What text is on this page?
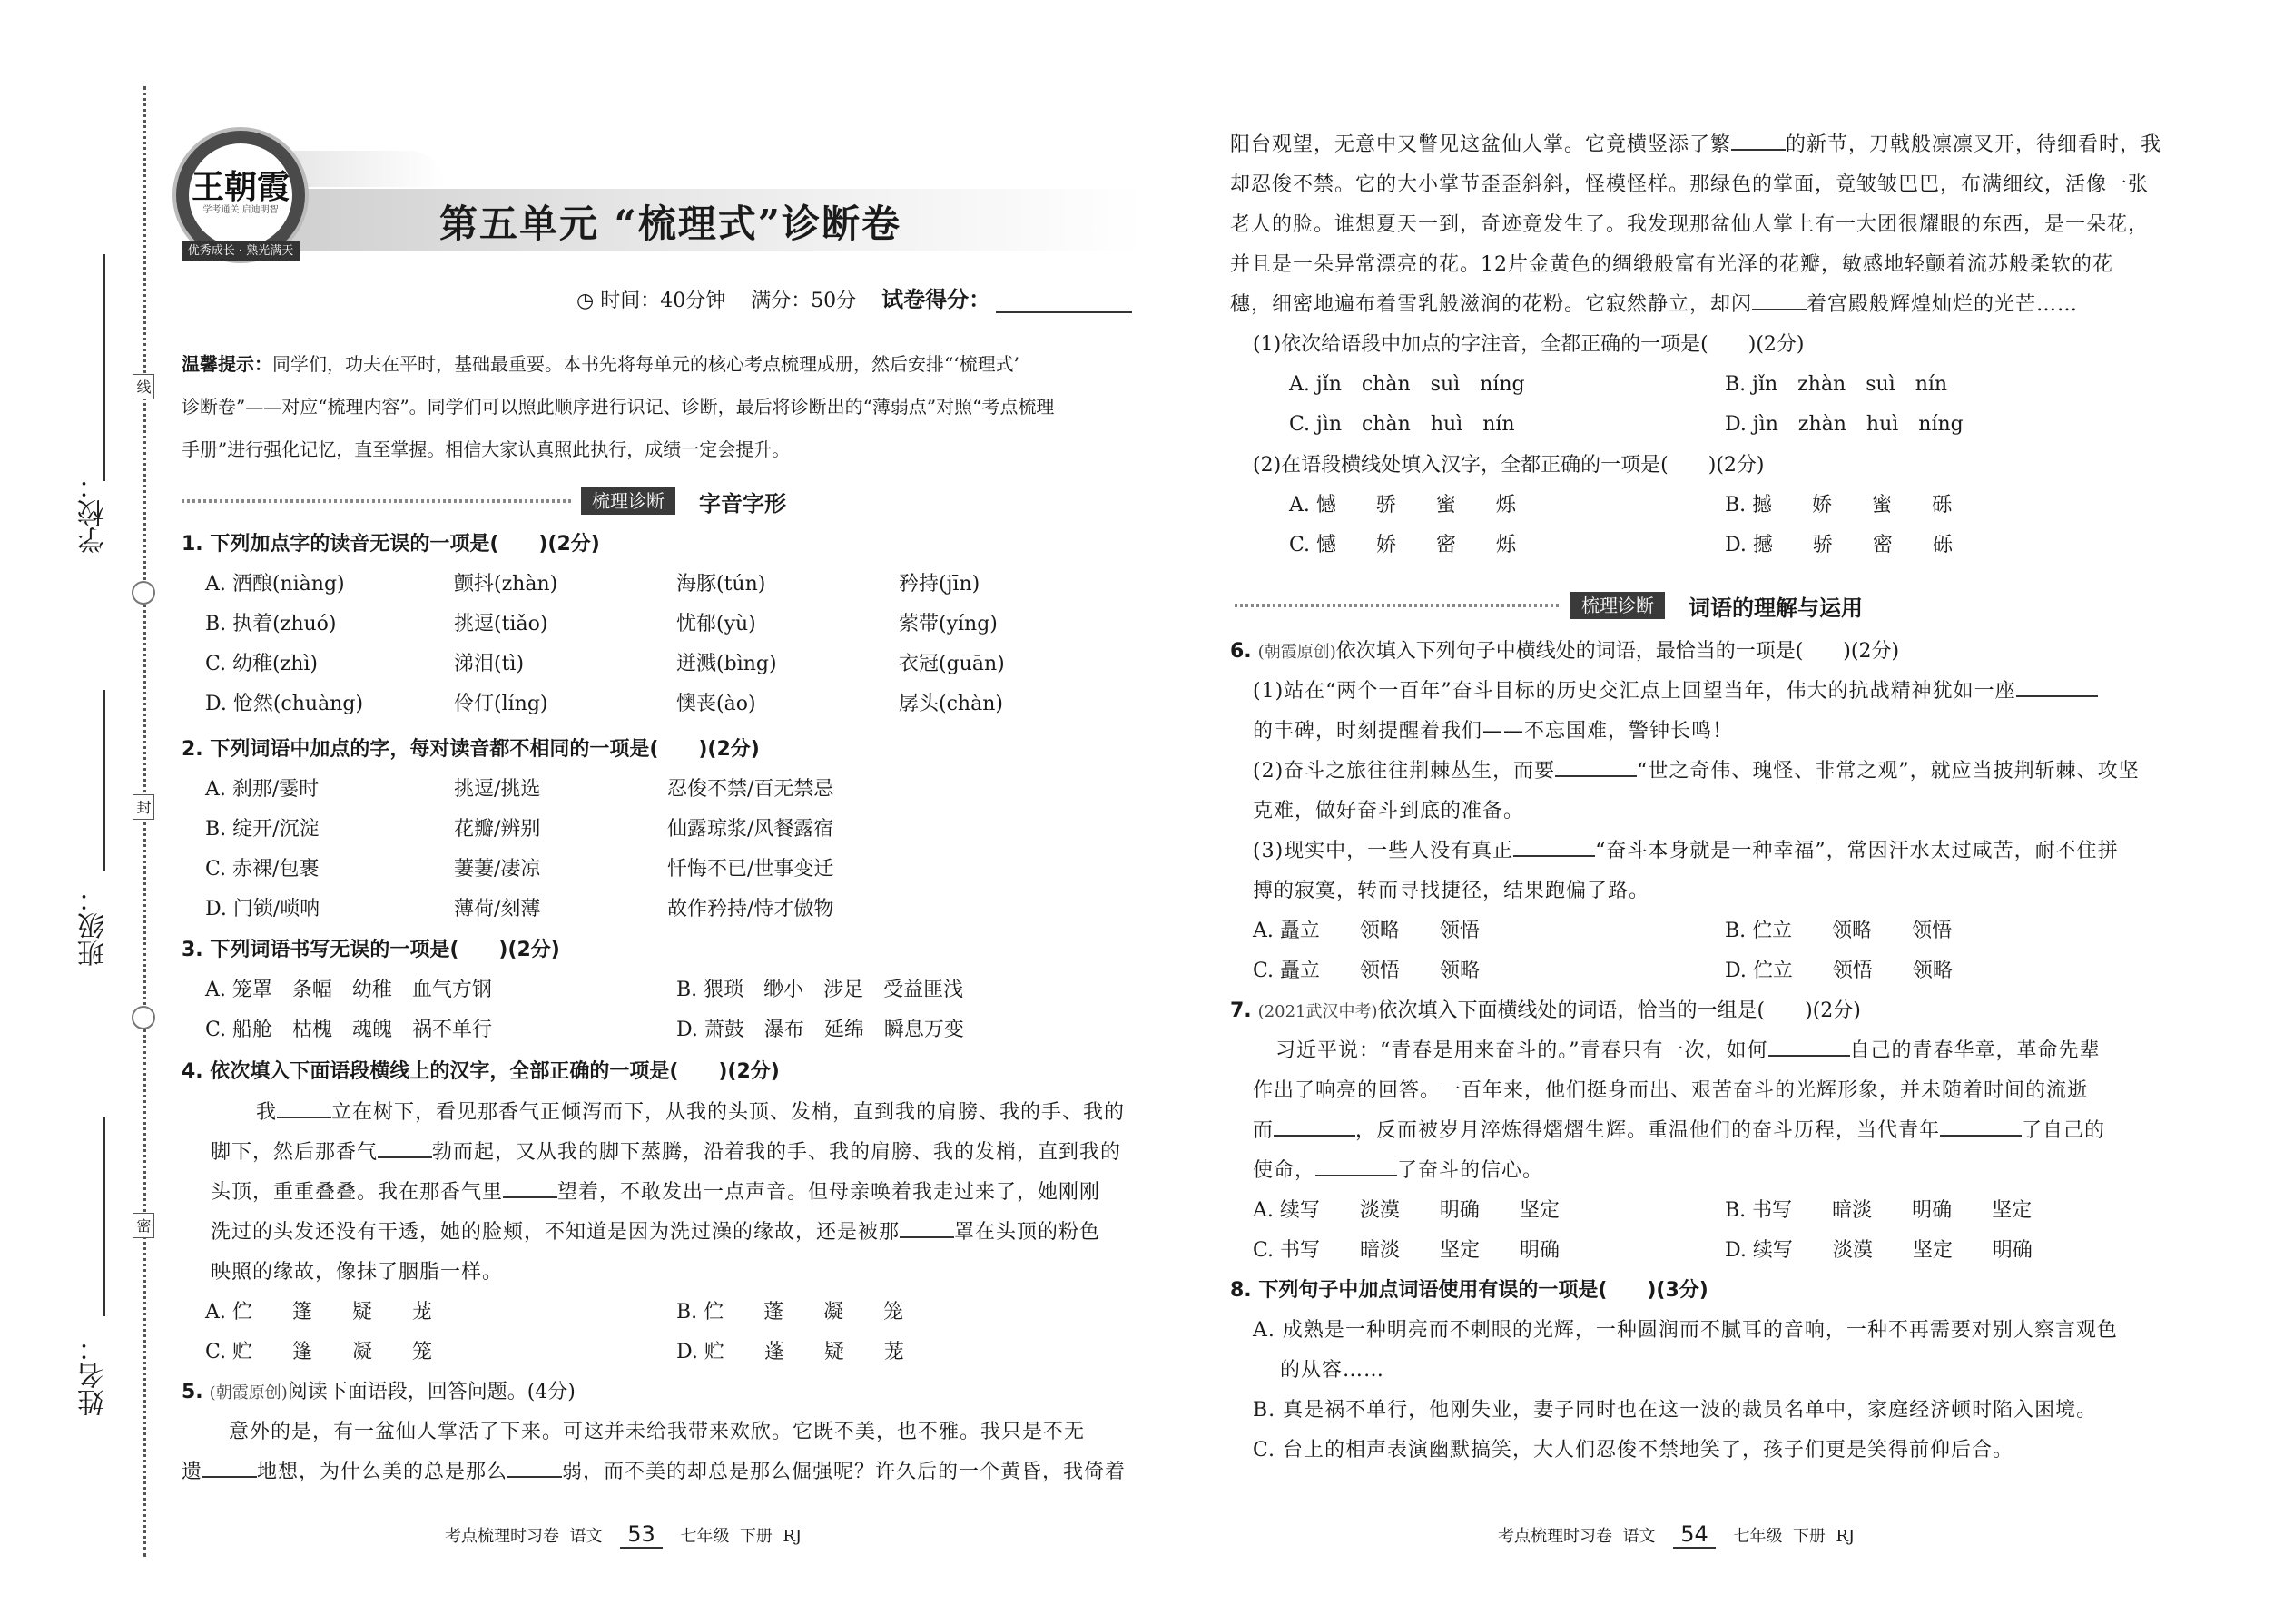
学校：
班级：
姓名：
线
封
密
王朝霞
学考通关 启迪明智
优秀成长 · 熟光满天
第五单元 “梳理式”诊断卷
◷ 时间：40分钟 满分：50分 试卷得分：
温馨提示：同学们，功夫在平时，基础最重要。本书先将每单元的核心考点梳理成册，然后安排“‘梳理式’
诊断卷”——对应“梳理内容”。同学们可以照此顺序进行识记、诊断，最后将诊断出的“薄弱点”对照“考点梳理
手册”进行强化记忆，直至掌握。相信大家认真照此执行，成绩一定会提升。
梳理诊断	字音字形
1. 下列加点字的读音无误的一项是(　　)(2分)
2. 下列词语中加点的字，每对读音都不相同的一项是(　　)(2分)
3. 下列词语书写无误的一项是(　　)(2分)
4. 依次填入下面语段横线上的汉字，全部正确的一项是(　　)(2分)
我	立在树下，看见那香气正倾泻而下，从我的头顶、发梢，直到我的肩膀、我的手、我的
脚下，然后那香气	勃而起，又从我的脚下蒸腾，沿着我的手、我的肩膀、我的发梢，直到我的
头顶，重重叠叠。我在那香气里	望着，不敢发出一点声音。但母亲唤着我走过来了，她刚刚
洗过的头发还没有干透，她的脸颊，不知道是因为洗过澡的缘故，还是被那	罩在头顶的粉色
映照的缘故，像抹了胭脂一样。
5. (朝霞原创)阅读下面语段，回答问题。(4分)
意外的是，有一盆仙人掌活了下来。可这并未给我带来欢欣。它既不美，也不雅。我只是不无
遗	地想，为什么美的总是那么	弱，而不美的却总是那么倔强呢？许久后的一个黄昏，我倚着
阳台观望，无意中又瞥见这盆仙人掌。它竟横竖添了繁	的新节，刀戟般凛凛叉开，待细看时，我
却忍俊不禁。它的大小掌节歪歪斜斜，怪模怪样。那绿色的掌面，竟皱皱巴巴，布满细纹，活像一张
老人的脸。谁想夏天一到，奇迹竟发生了。我发现那盆仙人掌上有一大团很耀眼的东西，是一朵花，
并且是一朵异常漂亮的花。12片金黄色的绸缎般富有光泽的花瓣，敏感地轻颤着流苏般柔软的花
穗，细密地遍布着雪乳般滋润的花粉。它寂然静立，却闪	着宫殿般辉煌灿烂的光芒……
(1)依次给语段中加点的字注音，全都正确的一项是(　　)(2分)
(2)在语段横线处填入汉字，全都正确的一项是(　　)(2分)
梳理诊断	词语的理解与运用
6. (朝霞原创)依次填入下列句子中横线处的词语，最恰当的一项是(　　)(2分)
(1)站在“两个一百年”奋斗目标的历史交汇点上回望当年，伟大的抗战精神犹如一座
的丰碑，时刻提醒着我们——不忘国难，警钟长鸣！
(2)奋斗之旅往往荆棘丛生，而要	“世之奇伟、瑰怪、非常之观”，就应当披荆斩棘、攻坚
克难，做好奋斗到底的准备。
(3)现实中，一些人没有真正	“奋斗本身就是一种幸福”，常因汗水太过咸苦，耐不住拼
搏的寂寞，转而寻找捷径，结果跑偏了路。
7. (2021武汉中考)依次填入下面横线处的词语，恰当的一组是(　　)(2分)
习近平说：“青春是用来奋斗的。”青春只有一次，如何	自己的青春华章，革命先辈
作出了响亮的回答。一百年来，他们挺身而出、艰苦奋斗的光辉形象，并未随着时间的流逝
而	，反而被岁月淬炼得熠熠生辉。重温他们的奋斗历程，当代青年	了自己的
使命，	了奋斗的信心。
8. 下列句子中加点词语使用有误的一项是(　　)(3分)
A. 成熟是一种明亮而不刺眼的光辉，一种圆润而不腻耳的音响，一种不再需要对别人察言观色
的从容……
B. 真是祸不单行，他刚失业，妻子同时也在这一波的裁员名单中，家庭经济顿时陷入困境。
C. 台上的相声表演幽默搞笑，大人们忍俊不禁地笑了，孩子们更是笑得前仰后合。
考点梳理时习卷 语文 53 七年级 下册 RJ	考点梳理时习卷 语文 54 七年级 下册 RJ
A. 酒酿(niàng)	颤抖(zhàn)	海豚(tún)	矜持(jīn)
B. 执着(zhuó)	挑逗(tiǎo)	忧郁(yù)	萦带(yíng)
C. 幼稚(zhì)	涕泪(tì)	迸溅(bìng)	衣冠(guān)
D. 怆然(chuàng)	伶仃(líng)	懊丧(ào)	孱头(chàn)
A. 刹那/霎时	挑逗/挑选	忍俊不禁/百无禁忌
B. 绽开/沉淀	花瓣/辨别	仙露琼浆/风餐露宿
C. 赤裸/包裹	萋萋/凄凉	忏悔不已/世事变迁
D. 门锁/唢呐	薄荷/刻薄	故作矜持/恃才傲物
A. 笼罩　条幅　幼稚　血气方钢	B. 猥琐　缈小　涉足　受益匪浅
C. 船舱　枯槐　魂魄　祸不单行	D. 萧鼓　瀑布　延绵　瞬息万变
A. 伫　　篷　　疑　　茏	B. 伫　　蓬　　凝　　笼
C. 贮　　篷　　凝　　笼	D. 贮　　蓬　　疑　　茏
A. jǐn　chàn　suì　níng	B. jǐn　zhàn　suì　nín
C. jìn　chàn　huì　nín	D. jìn　zhàn　huì　níng
A. 憾　　骄　　蜜　　烁	B. 撼　　娇　　蜜　　砾
C. 憾　　娇　　密　　烁	D. 撼　　骄　　密　　砾
A. 矗立　　领略　　领悟	B. 伫立　　领略　　领悟
C. 矗立　　领悟　　领略	D. 伫立　　领悟　　领略
A. 续写　　淡漠　　明确　　坚定	B. 书写　　暗淡　　明确　　坚定
C. 书写　　暗淡　　坚定　　明确	D. 续写　　淡漠　　坚定　　明确
